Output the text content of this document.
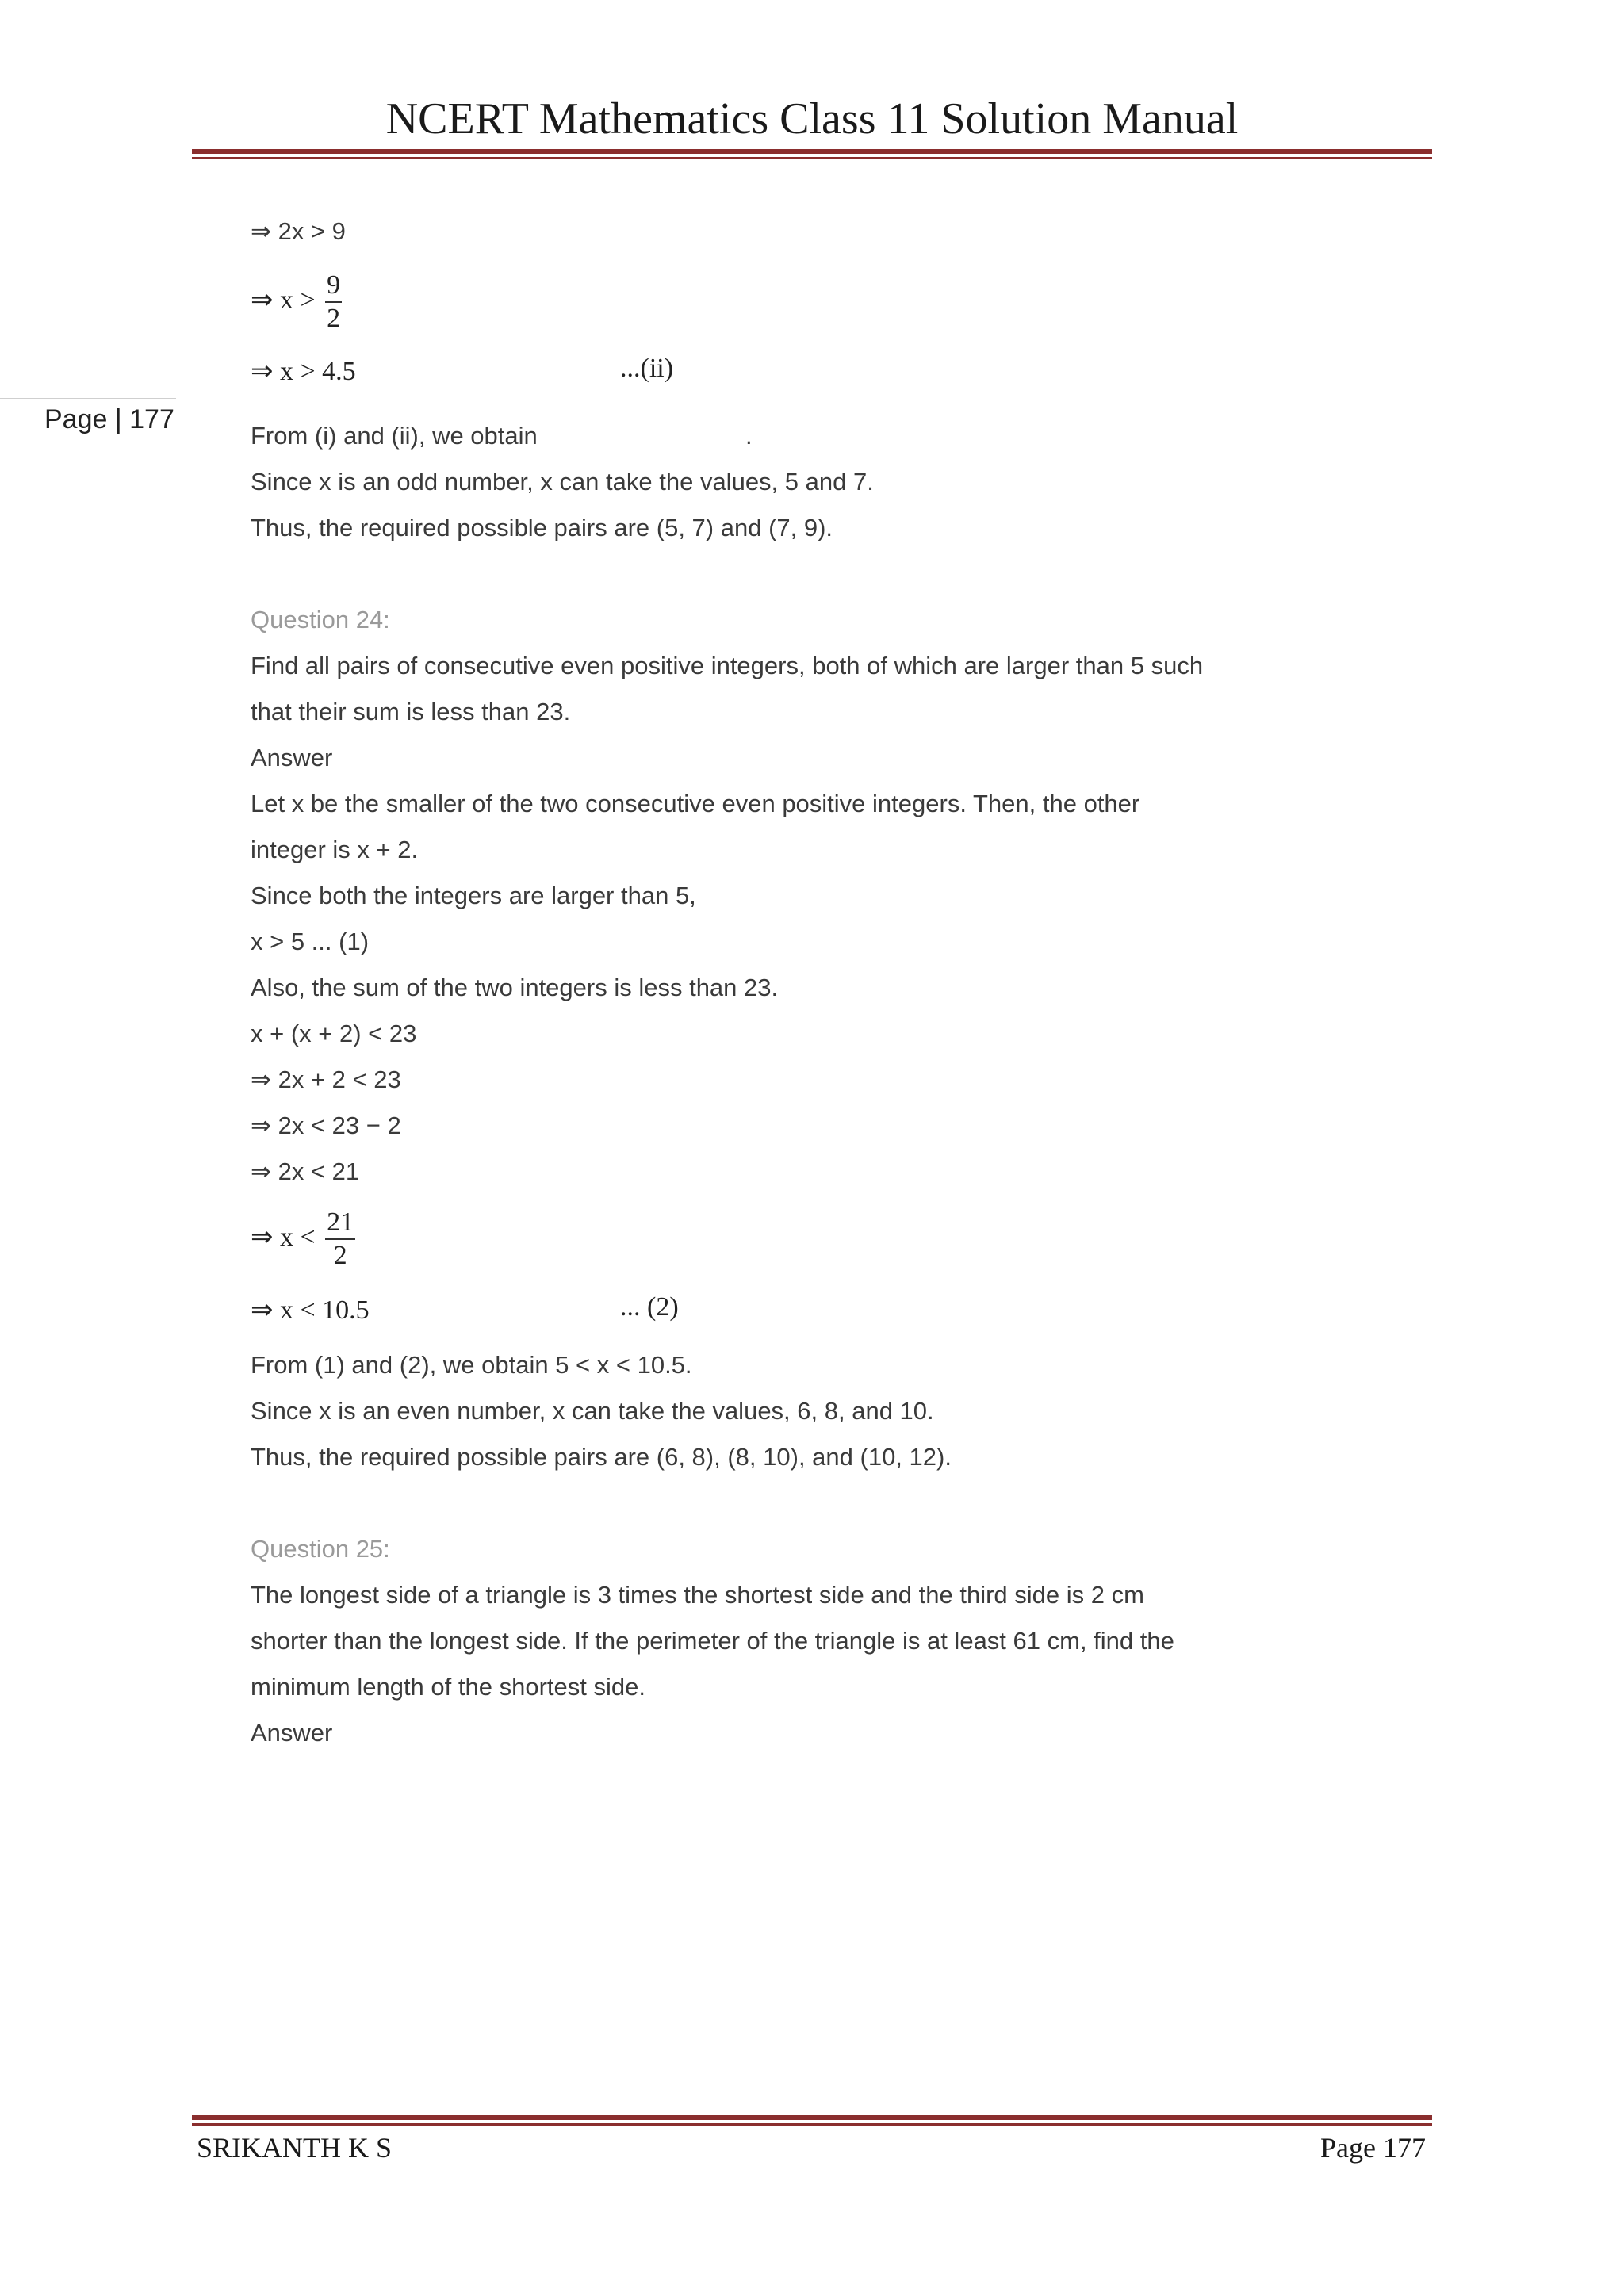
NCERT Mathematics Class 11 Solution Manual
Page | 177
⇒ 2x > 9
⇒ $x > \frac{9}{2}$
⇒ x > 4.5	...(ii)
From (i) and (ii), we obtain	.
Since x is an odd number, x can take the values, 5 and 7.
Thus, the required possible pairs are (5, 7) and (7, 9).
Question 24:
Find all pairs of consecutive even positive integers, both of which are larger than 5 such
that their sum is less than 23.
Answer
Let x be the smaller of the two consecutive even positive integers. Then, the other
integer is x + 2.
Since both the integers are larger than 5,
x > 5 ... (1)
Also, the sum of the two integers is less than 23.
x + (x + 2) < 23
⇒ 2x + 2 < 23
⇒ 2x < 23 − 2
⇒ 2x < 21
⇒ $x < \frac{21}{2}$
⇒ x < 10.5	... (2)
From (1) and (2), we obtain 5 < x < 10.5.
Since x is an even number, x can take the values, 6, 8, and 10.
Thus, the required possible pairs are (6, 8), (8, 10), and (10, 12).
Question 25:
The longest side of a triangle is 3 times the shortest side and the third side is 2 cm
shorter than the longest side. If the perimeter of the triangle is at least 61 cm, find the
minimum length of the shortest side.
Answer
SRIKANTH K S	Page 177
